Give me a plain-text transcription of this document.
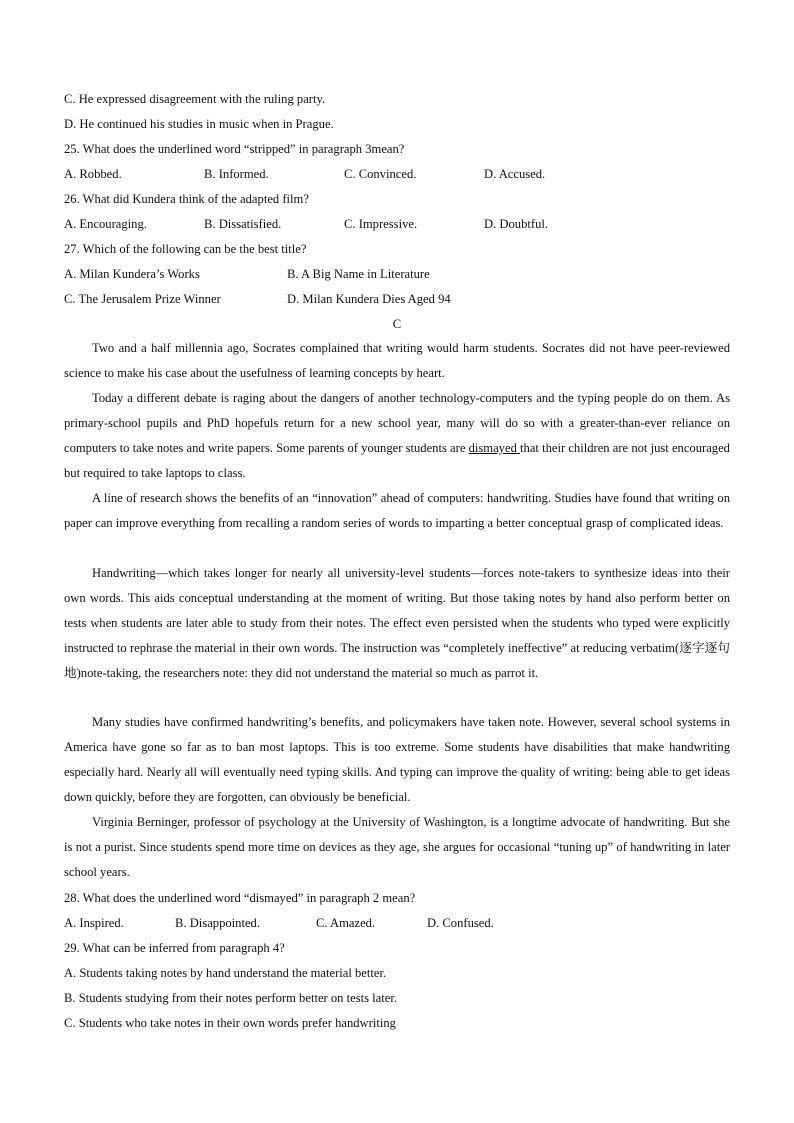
C. He expressed disagreement with the ruling party.
D. He continued his studies in music when in Prague.
25. What does the underlined word “stripped” in paragraph 3mean?
A. Robbed.	B. Informed.	C. Convinced.	D. Accused.
26. What did Kundera think of the adapted film?
A. Encouraging.	B. Dissatisfied.	C. Impressive.	D. Doubtful.
27. Which of the following can be the best title?
A. Milan Kundera’s Works	B. A Big Name in Literature
C. The Jerusalem Prize Winner	D. Milan Kundera Dies Aged 94
C
Two and a half millennia ago, Socrates complained that writing would harm students. Socrates did not have peer-reviewed science to make his case about the usefulness of learning concepts by heart.
Today a different debate is raging about the dangers of another technology-computers and the typing people do on them. As primary-school pupils and PhD hopefuls return for a new school year, many will do so with a greater-than-ever reliance on computers to take notes and write papers. Some parents of younger students are dismayed that their children are not just encouraged but required to take laptops to class.
A line of research shows the benefits of an “innovation” ahead of computers: handwriting. Studies have found that writing on paper can improve everything from recalling a random series of words to imparting a better conceptual grasp of complicated ideas.
Handwriting—which takes longer for nearly all university-level students—forces note-takers to synthesize ideas into their own words. This aids conceptual understanding at the moment of writing. But those taking notes by hand also perform better on tests when students are later able to study from their notes. The effect even persisted when the students who typed were explicitly instructed to rephrase the material in their own words. The instruction was “completely ineffective” at reducing verbatim(逐字逐句地)note-taking, the researchers note: they did not understand the material so much as parrot it.
Many studies have confirmed handwriting’s benefits, and policymakers have taken note. However, several school systems in America have gone so far as to ban most laptops. This is too extreme. Some students have disabilities that make handwriting especially hard. Nearly all will eventually need typing skills. And typing can improve the quality of writing: being able to get ideas down quickly, before they are forgotten, can obviously be beneficial.
Virginia Berninger, professor of psychology at the University of Washington, is a longtime advocate of handwriting. But she is not a purist. Since students spend more time on devices as they age, she argues for occasional “tuning up” of handwriting in later school years.
28. What does the underlined word “dismayed” in paragraph 2 mean?
A. Inspired.	B. Disappointed.	C. Amazed.	D. Confused.
29. What can be inferred from paragraph 4?
A. Students taking notes by hand understand the material better.
B. Students studying from their notes perform better on tests later.
C. Students who take notes in their own words prefer handwriting
